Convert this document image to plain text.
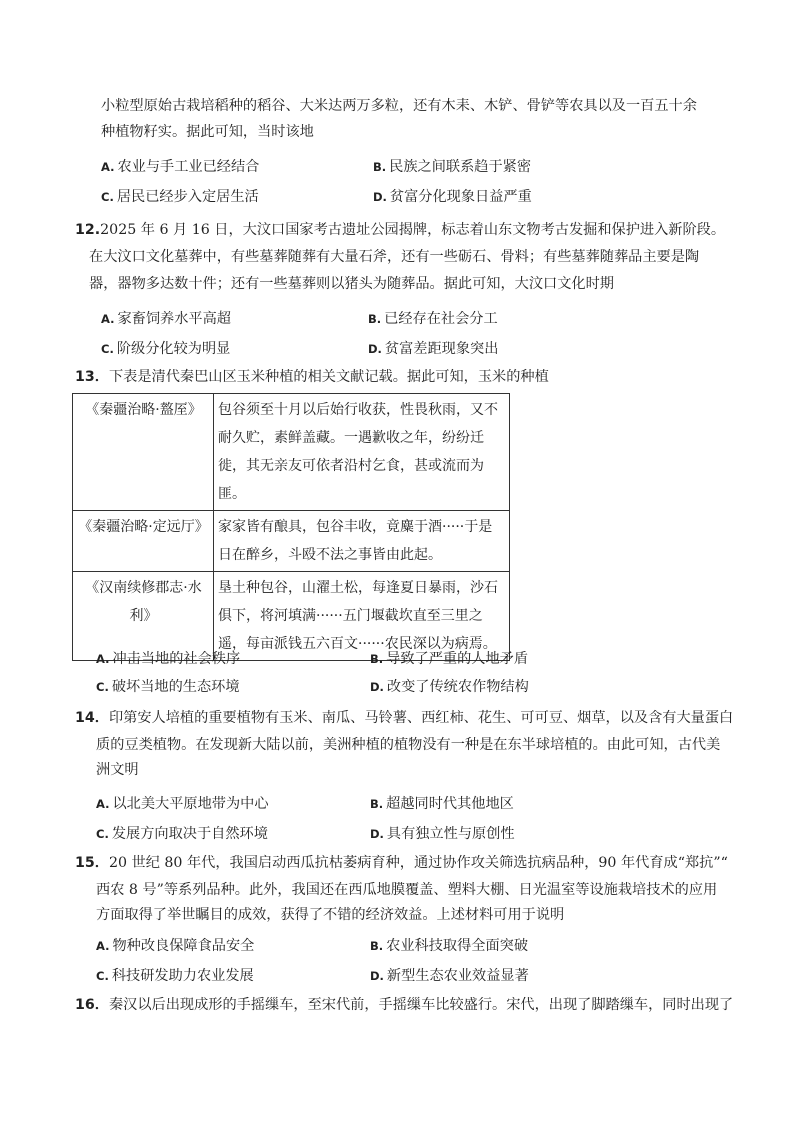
小粒型原始古栽培稻种的稻谷、大米达两万多粒，还有木耒、木铲、骨铲等农具以及一百五十余
种植物籽实。据此可知，当时该地
A. 农业与手工业已经结合	B. 民族之间联系趋于紧密
C. 居民已经步入定居生活	D. 贫富分化现象日益严重
12.2025 年 6 月 16 日，大汶口国家考古遗址公园揭牌，标志着山东文物考古发掘和保护进入新阶段。
在大汶口文化墓葬中，有些墓葬随葬有大量石斧，还有一些砺石、骨料；有些墓葬随葬品主要是陶
器，器物多达数十件；还有一些墓葬则以猪头为随葬品。据此可知，大汶口文化时期
A. 家畜饲养水平高超	B. 已经存在社会分工
C. 阶级分化较为明显	D. 贫富差距现象突出
13．下表是清代秦巴山区玉米种植的相关文献记载。据此可知，玉米的种植
《秦疆治略·盩厔》	包谷须至十月以后始行收获，性畏秋雨，又不耐久贮，素鲜盖藏。一遇歉收之年，纷纷迁徙，其无亲友可依者沿村乞食，甚或流而为匪。
《秦疆治略·定远厅》	家家皆有酿具，包谷丰收，竟麋于酒·····于是日在醉乡，斗殴不法之事皆由此起。
《汉南续修郡志·水利》	垦土种包谷，山濯土松，每逢夏日暴雨，沙石俱下，将河填满······五门堰截坎直至三里之遥，每亩派钱五六百文······农民深以为病焉。
A. 冲击当地的社会秩序	B. 导致了严重的人地矛盾
C. 破坏当地的生态环境	D. 改变了传统农作物结构
14．印第安人培植的重要植物有玉米、南瓜、马铃薯、西红柿、花生、可可豆、烟草，以及含有大量蛋白
质的豆类植物。在发现新大陆以前，美洲种植的植物没有一种是在东半球培植的。由此可知，古代美
洲文明
A. 以北美大平原地带为中心	B. 超越同时代其他地区
C. 发展方向取决于自然环境	D. 具有独立性与原创性
15．20 世纪 80 年代，我国启动西瓜抗枯萎病育种，通过协作攻关筛选抗病品种，90 年代育成“郑抗”“
西农 8 号”等系列品种。此外，我国还在西瓜地膜覆盖、塑料大棚、日光温室等设施栽培技术的应用
方面取得了举世瞩目的成效，获得了不错的经济效益。上述材料可用于说明
A. 物种改良保障食品安全	B. 农业科技取得全面突破
C. 科技研发助力农业发展	D. 新型生态农业效益显著
16．秦汉以后出现成形的手摇缫车，至宋代前，手摇缫车比较盛行。宋代，出现了脚踏缫车，同时出现了
